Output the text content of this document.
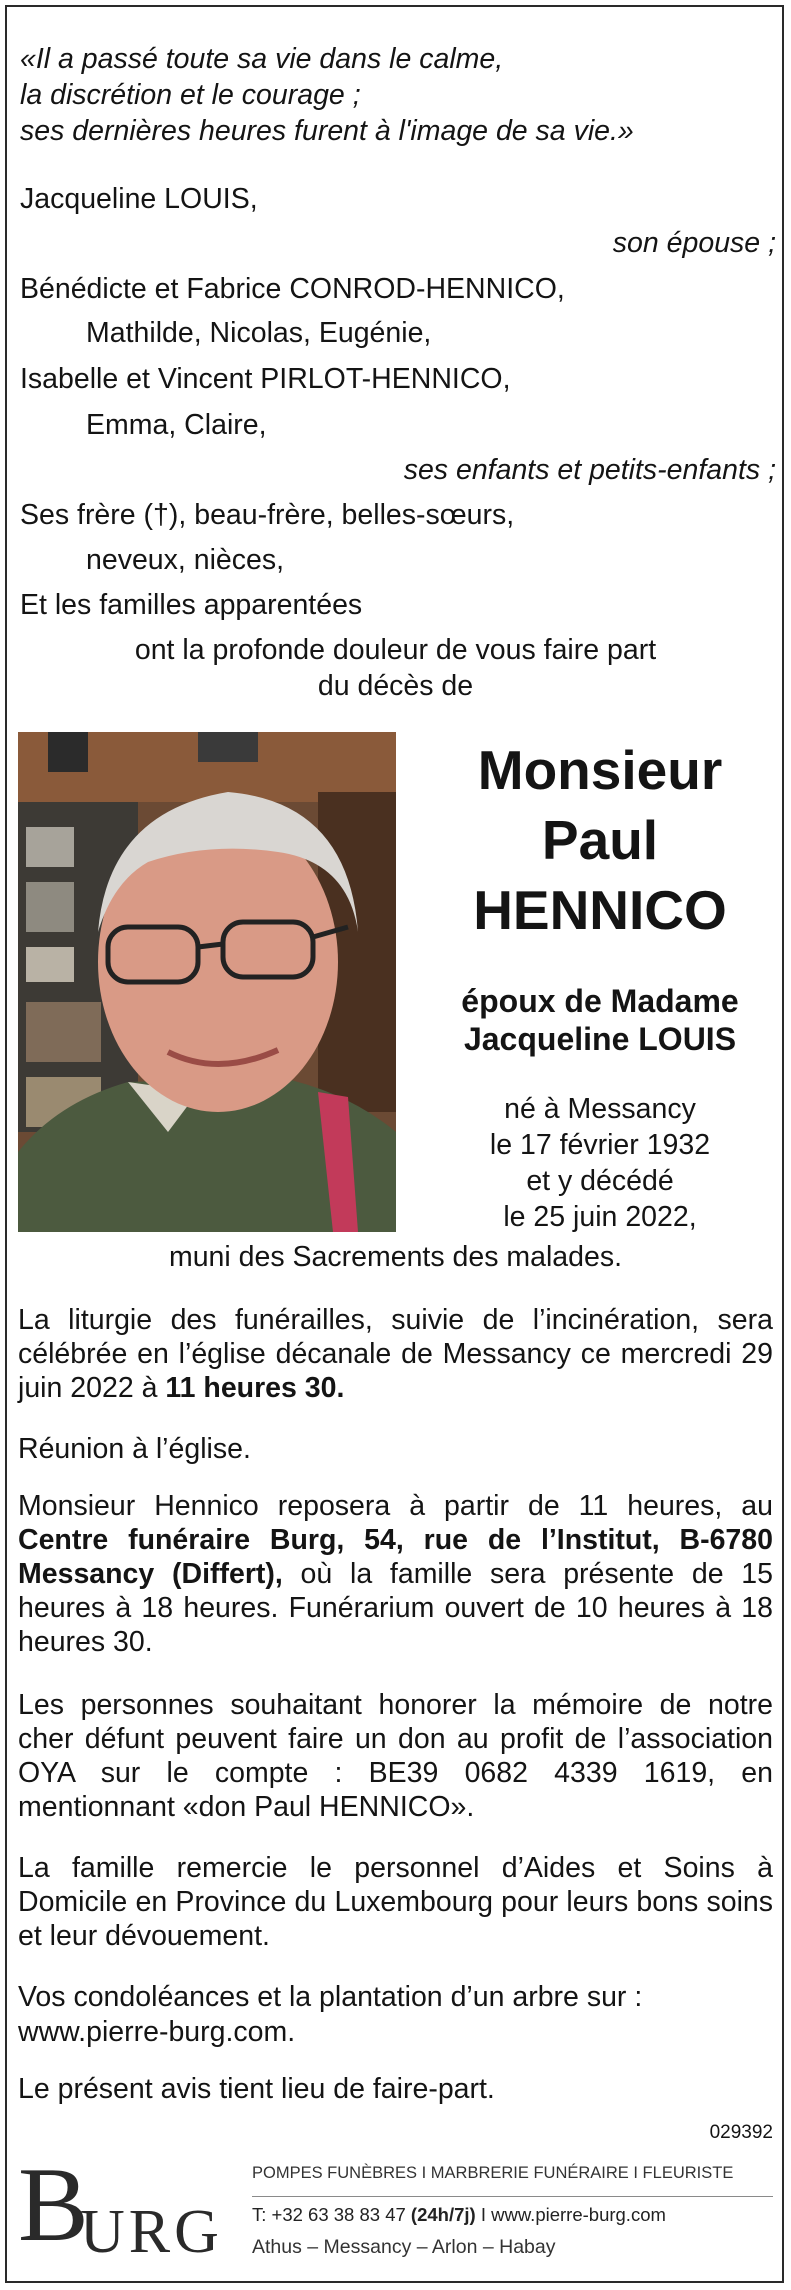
«Il a passé toute sa vie dans le calme,

la discrétion et le courage ;

ses dernières heures furent à l'image de sa vie.»

Jacqueline LOUIS,

son épouse ;

Bénédicte et Fabrice CONROD-HENNICO,

Mathilde, Nicolas, Eugénie,

Isabelle et Vincent PIRLOT-HENNICO,

Emma, Claire,

ses enfants et petits-enfants ;

Ses frère (†), beau-frère, belles-sœurs,

neveux, nièces,

Et les familles apparentées

ont la profonde douleur de vous faire part

du décès de

Monsieur

Paul

HENNICO

époux de Madame

Jacqueline LOUIS

né à Messancy

le 17 février 1932

et y décédé

le 25 juin 2022,

muni des Sacrements des malades.

La liturgie des funérailles, suivie de l’incinération, sera célébrée en l’église décanale de Messancy ce mercredi 29 juin 2022 à 11 heures 30.

Réunion à l’église.

Monsieur Hennico reposera à partir de 11 heures, au Centre funéraire Burg, 54, rue de l’Institut, B-6780 Messancy (Differt), où la famille sera présente de 15 heures à 18 heures. Funérarium ouvert de 10 heures à 18 heures 30.

Les personnes souhaitant honorer la mémoire de notre cher défunt peuvent faire un don au profit de l’association OYA sur le compte : BE39 0682 4339 1619, en mentionnant «don Paul HENNICO».

La famille remercie le personnel d’Aides et Soins à Domicile en Province du Luxembourg pour leurs bons soins et leur dévouement.

Vos condoléances et la plantation d’un arbre sur :

www.pierre-burg.com.

Le présent avis tient lieu de faire-part.

029392

B
URG

POMPES FUNÈBRES I MARBRERIE FUNÉRAIRE I FLEURISTE

T: +32 63 38 83 47 (24h/7j) I www.pierre-burg.com

Athus – Messancy – Arlon – Habay
